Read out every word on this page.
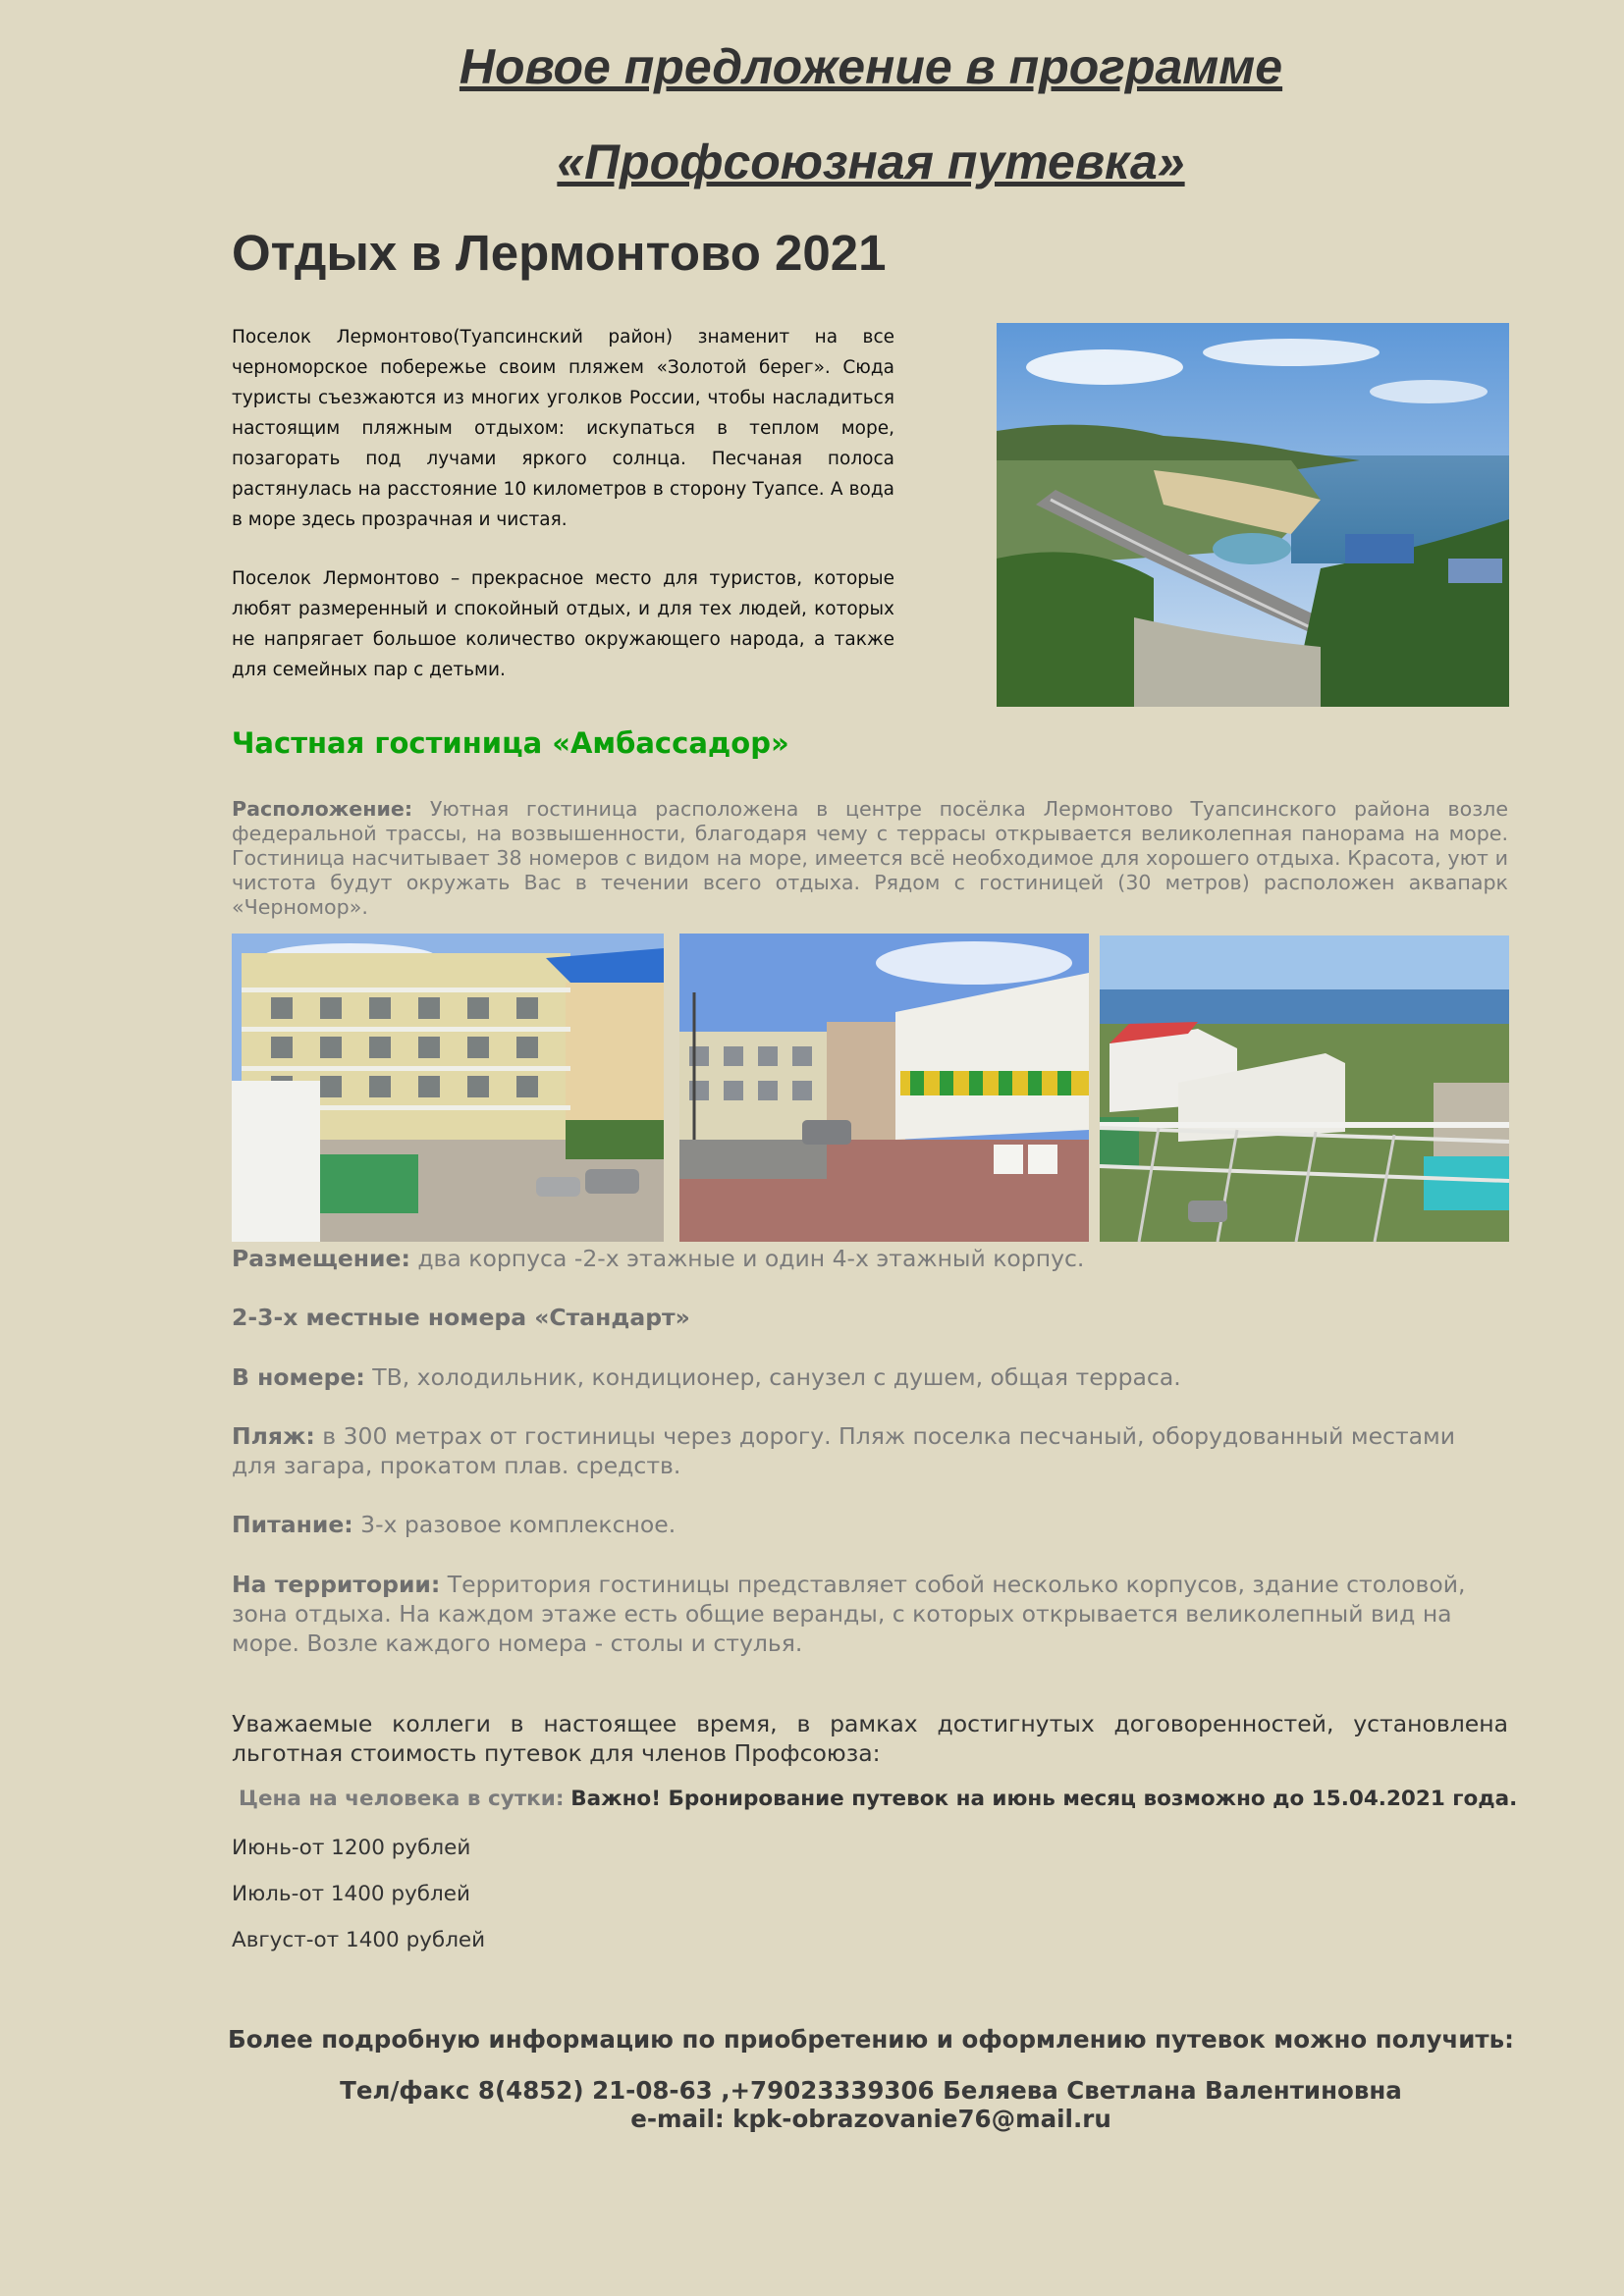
Новое предложение в программе
«Профсоюзная путевка»
Отдых в Лермонтово 2021

Поселок Лермонтово(Туапсинский район) знаменит на все черноморское побережье своим пляжем «Золотой берег». Сюда туристы съезжаются из многих уголков России, чтобы насладиться настоящим пляжным отдыхом: искупаться в теплом море, позагорать под лучами яркого солнца. Песчаная полоса растянулась на расстояние 10 километров в сторону Туапсе. А вода в море здесь прозрачная и чистая.

Поселок Лермонтово – прекрасное место для туристов, которые любят размеренный и спокойный отдых, и для тех людей, которых не напрягает большое количество окружающего народа, а также для семейных пар с детьми.

Частная гостиница «Амбассадор»

Расположение: Уютная гостиница расположена в центре посёлка Лермонтово Туапсинского района возле федеральной трассы, на возвышенности, благодаря чему с террасы открывается великолепная панорама на море. Гостиница насчитывает 38 номеров с видом на море, имеется всё необходимое для хорошего отдыха. Красота, уют и чистота будут окружать Вас в течении всего отдыха. Рядом с гостиницей (30 метров) расположен аквапарк «Черномор».

Размещение: два корпуса -2-х этажные и один 4-х этажный корпус.

2-3-х местные номера «Стандарт»

В номере: ТВ, холодильник, кондиционер, санузел с душем, общая терраса.

Пляж: в 300 метрах от гостиницы через дорогу. Пляж поселка песчаный, оборудованный местами для загара, прокатом плав. средств.

Питание: 3-х разовое комплексное.

На территории: Территория гостиницы представляет собой несколько корпусов, здание столовой, зона отдыха. На каждом этаже есть общие веранды, с которых открывается великолепный вид на море. Возле каждого номера - столы и стулья.

Уважаемые коллеги в настоящее время, в рамках достигнутых договоренностей, установлена льготная стоимость путевок для членов Профсоюза:

Цена на человека в сутки: Важно! Бронирование путевок на июнь месяц возможно до 15.04.2021 года.

Июнь-от 1200 рублей

Июль-от 1400 рублей

Август-от 1400 рублей

Более подробную информацию по приобретению и оформлению путевок можно получить:

Тел/факс 8(4852) 21-08-63 ,+79023339306 Беляева Светлана Валентиновна

e-mail: kpk-obrazovanie76@mail.ru
